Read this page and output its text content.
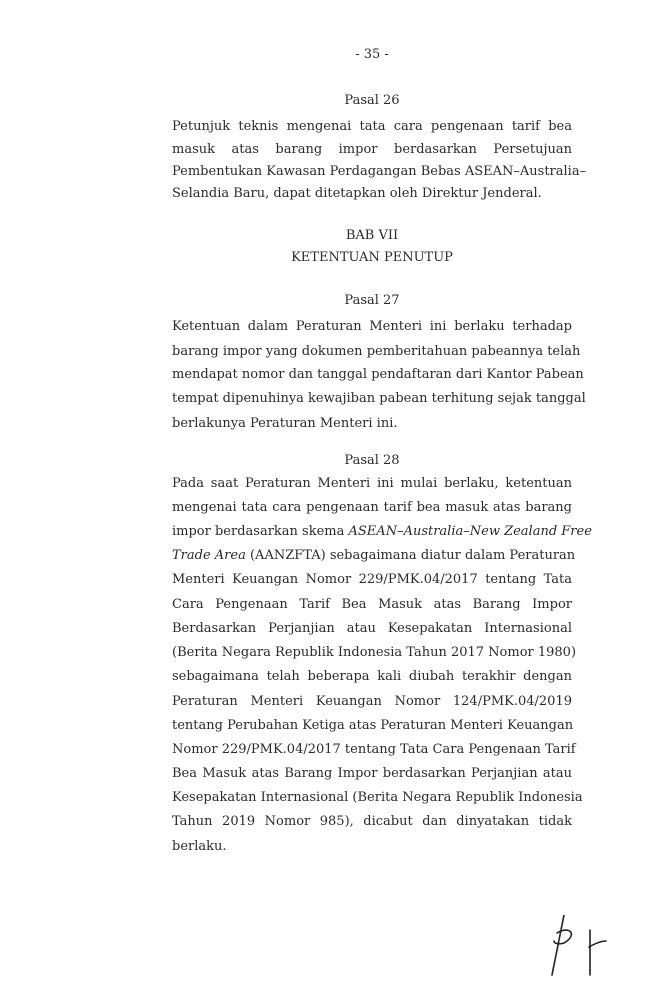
- 35 -
Pasal 26
Petunjuk teknis mengenai tata cara pengenaan tarif bea
masuk atas barang impor berdasarkan Persetujuan
Pembentukan Kawasan Perdagangan Bebas ASEAN–Australia–
Selandia Baru, dapat ditetapkan oleh Direktur Jenderal.
BAB VII
KETENTUAN PENUTUP
Pasal 27
Ketentuan dalam Peraturan Menteri ini berlaku terhadap
barang impor yang dokumen pemberitahuan pabeannya telah
mendapat nomor dan tanggal pendaftaran dari Kantor Pabean
tempat dipenuhinya kewajiban pabean terhitung sejak tanggal
berlakunya Peraturan Menteri ini.
Pasal 28
Pada saat Peraturan Menteri ini mulai berlaku, ketentuan
mengenai tata cara pengenaan tarif bea masuk atas barang
impor berdasarkan skema ASEAN–Australia–New Zealand Free
Trade Area (AANZFTA) sebagaimana diatur dalam Peraturan
Menteri Keuangan Nomor 229/PMK.04/2017 tentang Tata
Cara Pengenaan Tarif Bea Masuk atas Barang Impor
Berdasarkan Perjanjian atau Kesepakatan Internasional
(Berita Negara Republik Indonesia Tahun 2017 Nomor 1980)
sebagaimana telah beberapa kali diubah terakhir dengan
Peraturan Menteri Keuangan Nomor 124/PMK.04/2019
tentang Perubahan Ketiga atas Peraturan Menteri Keuangan
Nomor 229/PMK.04/2017 tentang Tata Cara Pengenaan Tarif
Bea Masuk atas Barang Impor berdasarkan Perjanjian atau
Kesepakatan Internasional (Berita Negara Republik Indonesia
Tahun 2019 Nomor 985), dicabut dan dinyatakan tidak
berlaku.
